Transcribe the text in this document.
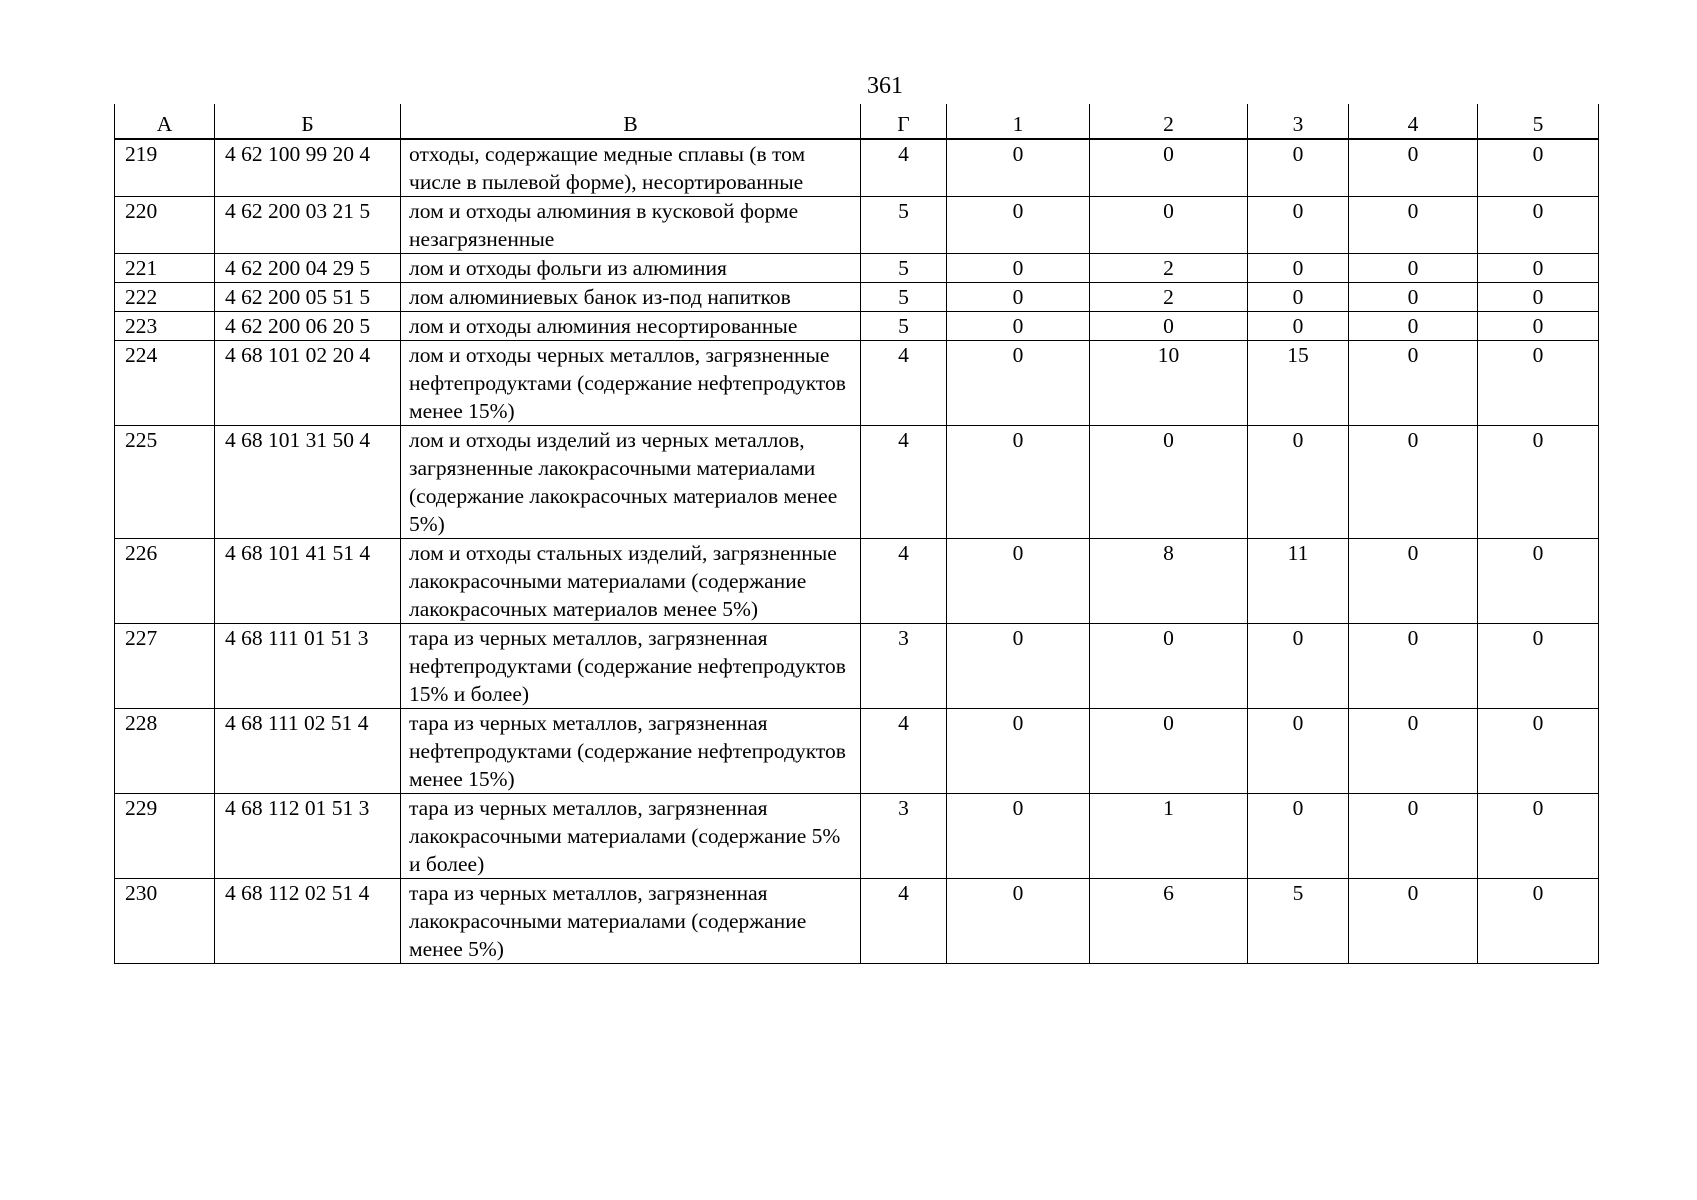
361
А	Б	В	Г	1	2	3	4	5
219	4 62 100 99 20 4	отходы, содержащие медные сплавы (в том числе в пылевой форме), несортированные	4	0	0	0	0	0
220	4 62 200 03 21 5	лом и отходы алюминия в кусковой форме незагрязненные	5	0	0	0	0	0
221	4 62 200 04 29 5	лом и отходы фольги из алюминия	5	0	2	0	0	0
222	4 62 200 05 51 5	лом алюминиевых банок из-под напитков	5	0	2	0	0	0
223	4 62 200 06 20 5	лом и отходы алюминия несортированные	5	0	0	0	0	0
224	4 68 101 02 20 4	лом и отходы черных металлов, загрязненные нефтепродуктами (содержание нефтепродуктов менее 15%)	4	0	10	15	0	0
225	4 68 101 31 50 4	лом и отходы изделий из черных металлов, загрязненные лакокрасочными материалами (содержание лакокрасочных материалов менее 5%)	4	0	0	0	0	0
226	4 68 101 41 51 4	лом и отходы стальных изделий, загрязненные лакокрасочными материалами (содержание лакокрасочных материалов менее 5%)	4	0	8	11	0	0
227	4 68 111 01 51 3	тара из черных металлов, загрязненная нефтепродуктами (содержание нефтепродуктов 15% и более)	3	0	0	0	0	0
228	4 68 111 02 51 4	тара из черных металлов, загрязненная нефтепродуктами (содержание нефтепродуктов менее 15%)	4	0	0	0	0	0
229	4 68 112 01 51 3	тара из черных металлов, загрязненная лакокрасочными материалами (содержание 5% и более)	3	0	1	0	0	0
230	4 68 112 02 51 4	тара из черных металлов, загрязненная лакокрасочными материалами (содержание менее 5%)	4	0	6	5	0	0
